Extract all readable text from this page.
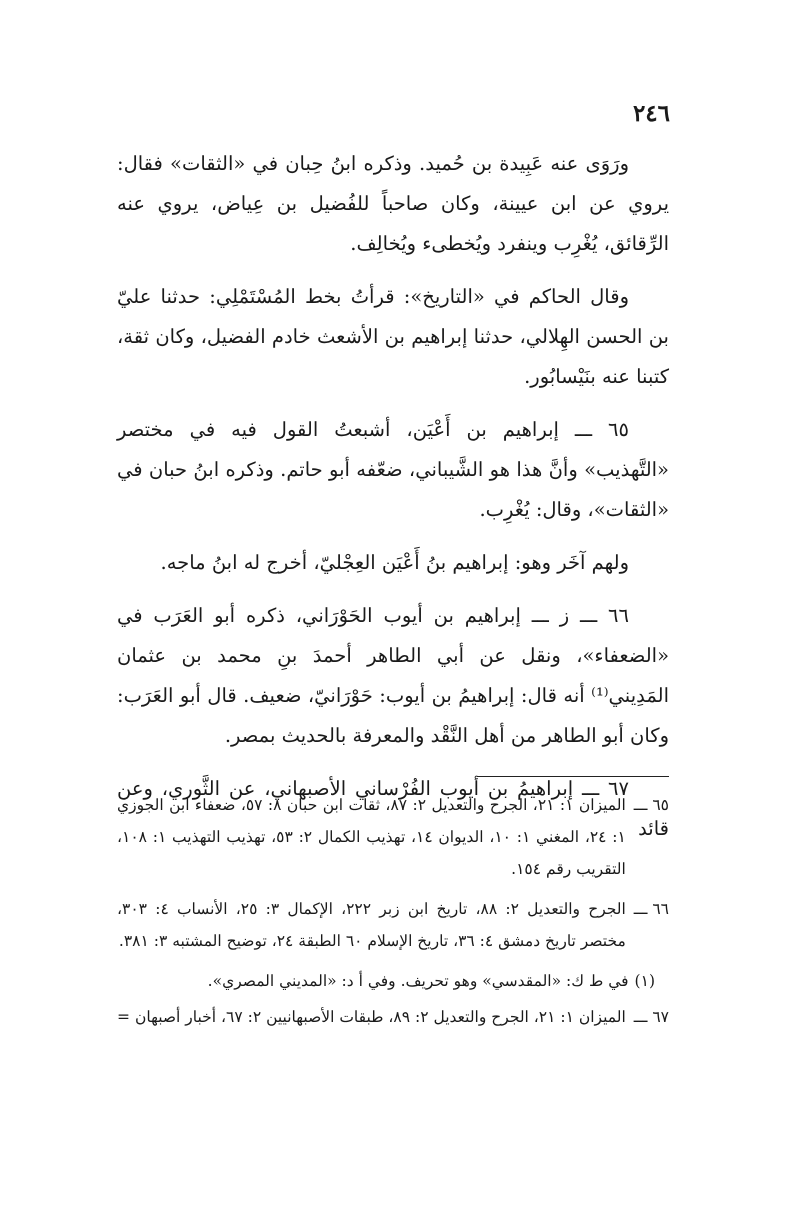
٢٤٦

ورَوَى عنه عَبِيدة بن حُميد. وذكره ابنُ حِبان في «الثقات» فقال: يروي عن ابن عيينة، وكان صاحباً للفُضيل بن عِياض، يروي عنه الرِّقائق، يُغْرِب وينفرد ويُخطىء ويُخالِف.

وقال الحاكم في «التاريخ»: قرأتُ بخط المُسْتَمْلِي: حدثنا عليّ بن الحسن الهِلالي، حدثنا إبراهيم بن الأشعث خادم الفضيل، وكان ثقة، كتبنا عنه بنَيْسابُور.

٦٥ ـــ إبراهيم بن أَعْيَن، أشبعتُ القول فيه في مختصر «التَّهذيب» وأنَّ هذا هو الشَّيباني، ضعّفه أبو حاتم. وذكره ابنُ حبان في «الثقات»، وقال: يُغْرِب.

ولهم آخَر وهو: إبراهيم بنُ أَعْيَن العِجْليّ، أخرج له ابنُ ماجه.

٦٦ ـــ ز ـــ إبراهيم بن أيوب الحَوْرَاني، ذكره أبو العَرَب في «الضعفاء»، ونقل عن أبي الطاهر أحمدَ بنِ محمد بن عثمان المَدِيني⁽¹⁾ أنه قال: إبراهيمُ بن أيوب: حَوْرَانيّ، ضعيف. قال أبو العَرَب: وكان أبو الطاهر من أهل النَّقْد والمعرفة بالحديث بمصر.

٦٧ ـــ إبراهيمُ بن أيوب الفُرْساني الأصبهاني، عن الثَّوري، وعن قائد

٦٥ ـــ
الميزان ١: ٢١، الجرح والتعديل ٢: ٨٧، ثقات ابن حبان ٨: ٥٧، ضعفاء ابن الجوزي ١: ٢٤، المغني ١: ١٠، الديوان ١٤، تهذيب الكمال ٢: ٥٣، تهذيب التهذيب ١: ١٠٨، التقريب رقم ١٥٤.
٦٦ ـــ
الجرح والتعديل ٢: ٨٨، تاريخ ابن زبر ٢٢٢، الإكمال ٣: ٢٥، الأنساب ٤: ٣٠٣، مختصر تاريخ دمشق ٤: ٣٦، تاريخ الإسلام ٦٠ الطبقة ٢٤، توضيح المشتبه ٣: ٣٨١.
(١)
في ط ك: «المقدسي» وهو تحريف. وفي أ د: «المديني المصري».
٦٧ ـــ
الميزان ١: ٢١، الجرح والتعديل ٢: ٨٩، طبقات الأصبهانيين ٢: ٦٧، أخبار أصبهان =
